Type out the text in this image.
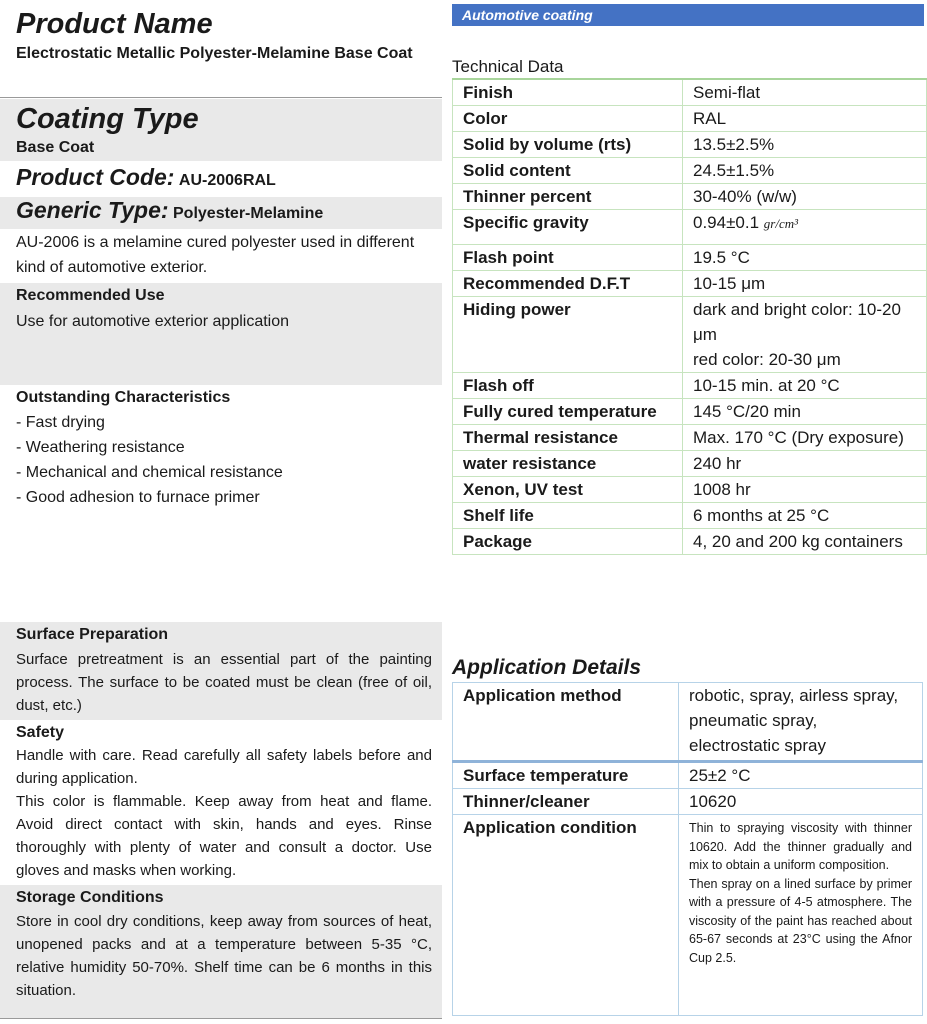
Product Name
Electrostatic Metallic Polyester-Melamine Base Coat
Coating Type
Base Coat
Product Code: AU-2006RAL
Generic Type: Polyester-Melamine
AU-2006 is a melamine cured polyester used in different kind of automotive exterior.
Recommended Use
Use for automotive exterior application
Outstanding Characteristics
- Fast drying
- Weathering resistance
- Mechanical and chemical resistance
- Good adhesion to furnace primer
Surface Preparation
Surface pretreatment is an essential part of the painting process. The surface to be coated must be clean (free of oil, dust, etc.)
Safety
Handle with care. Read carefully all safety labels before and during application.
This color is flammable. Keep away from heat and flame. Avoid direct contact with skin, hands and eyes. Rinse thoroughly with plenty of water and consult a doctor. Use gloves and masks when working.
Storage Conditions
Store in cool dry conditions, keep away from sources of heat, unopened packs and at a temperature between 5-35 °C, relative humidity 50-70%. Shelf time can be 6 months in this situation.
Automotive coating
Technical Data
Finish	Semi-flat
Color	RAL
Solid by volume (rts)	13.5±2.5%
Solid content	24.5±1.5%
Thinner percent	30-40% (w/w)
Specific gravity	0.94±0.1 gr/cm³
Flash point	19.5 °C
Recommended D.F.T	10-15 μm
Hiding power	dark and bright color: 10-20 μm
red color: 20-30 μm

Flash off	10-15 min. at 20 °C
Fully cured temperature	145 °C/20 min
Thermal resistance	Max. 170 °C (Dry exposure)
water resistance	240 hr
Xenon, UV test	1008 hr
Shelf life	6 months at 25 °C
Package	4, 20 and 200 kg containers
Application Details
Application method	robotic, spray, airless spray, pneumatic spray, electrostatic spray
Surface temperature	25±2 °C
Thinner/cleaner	10620
Application condition	Thin to spraying viscosity with thinner 10620. Add the thinner gradually and mix to obtain a uniform composition.
Then spray on a lined surface by primer with a pressure of 4-5 atmosphere. The viscosity of the paint has reached about 65-67 seconds at 23°C using the Afnor Cup 2.5.
